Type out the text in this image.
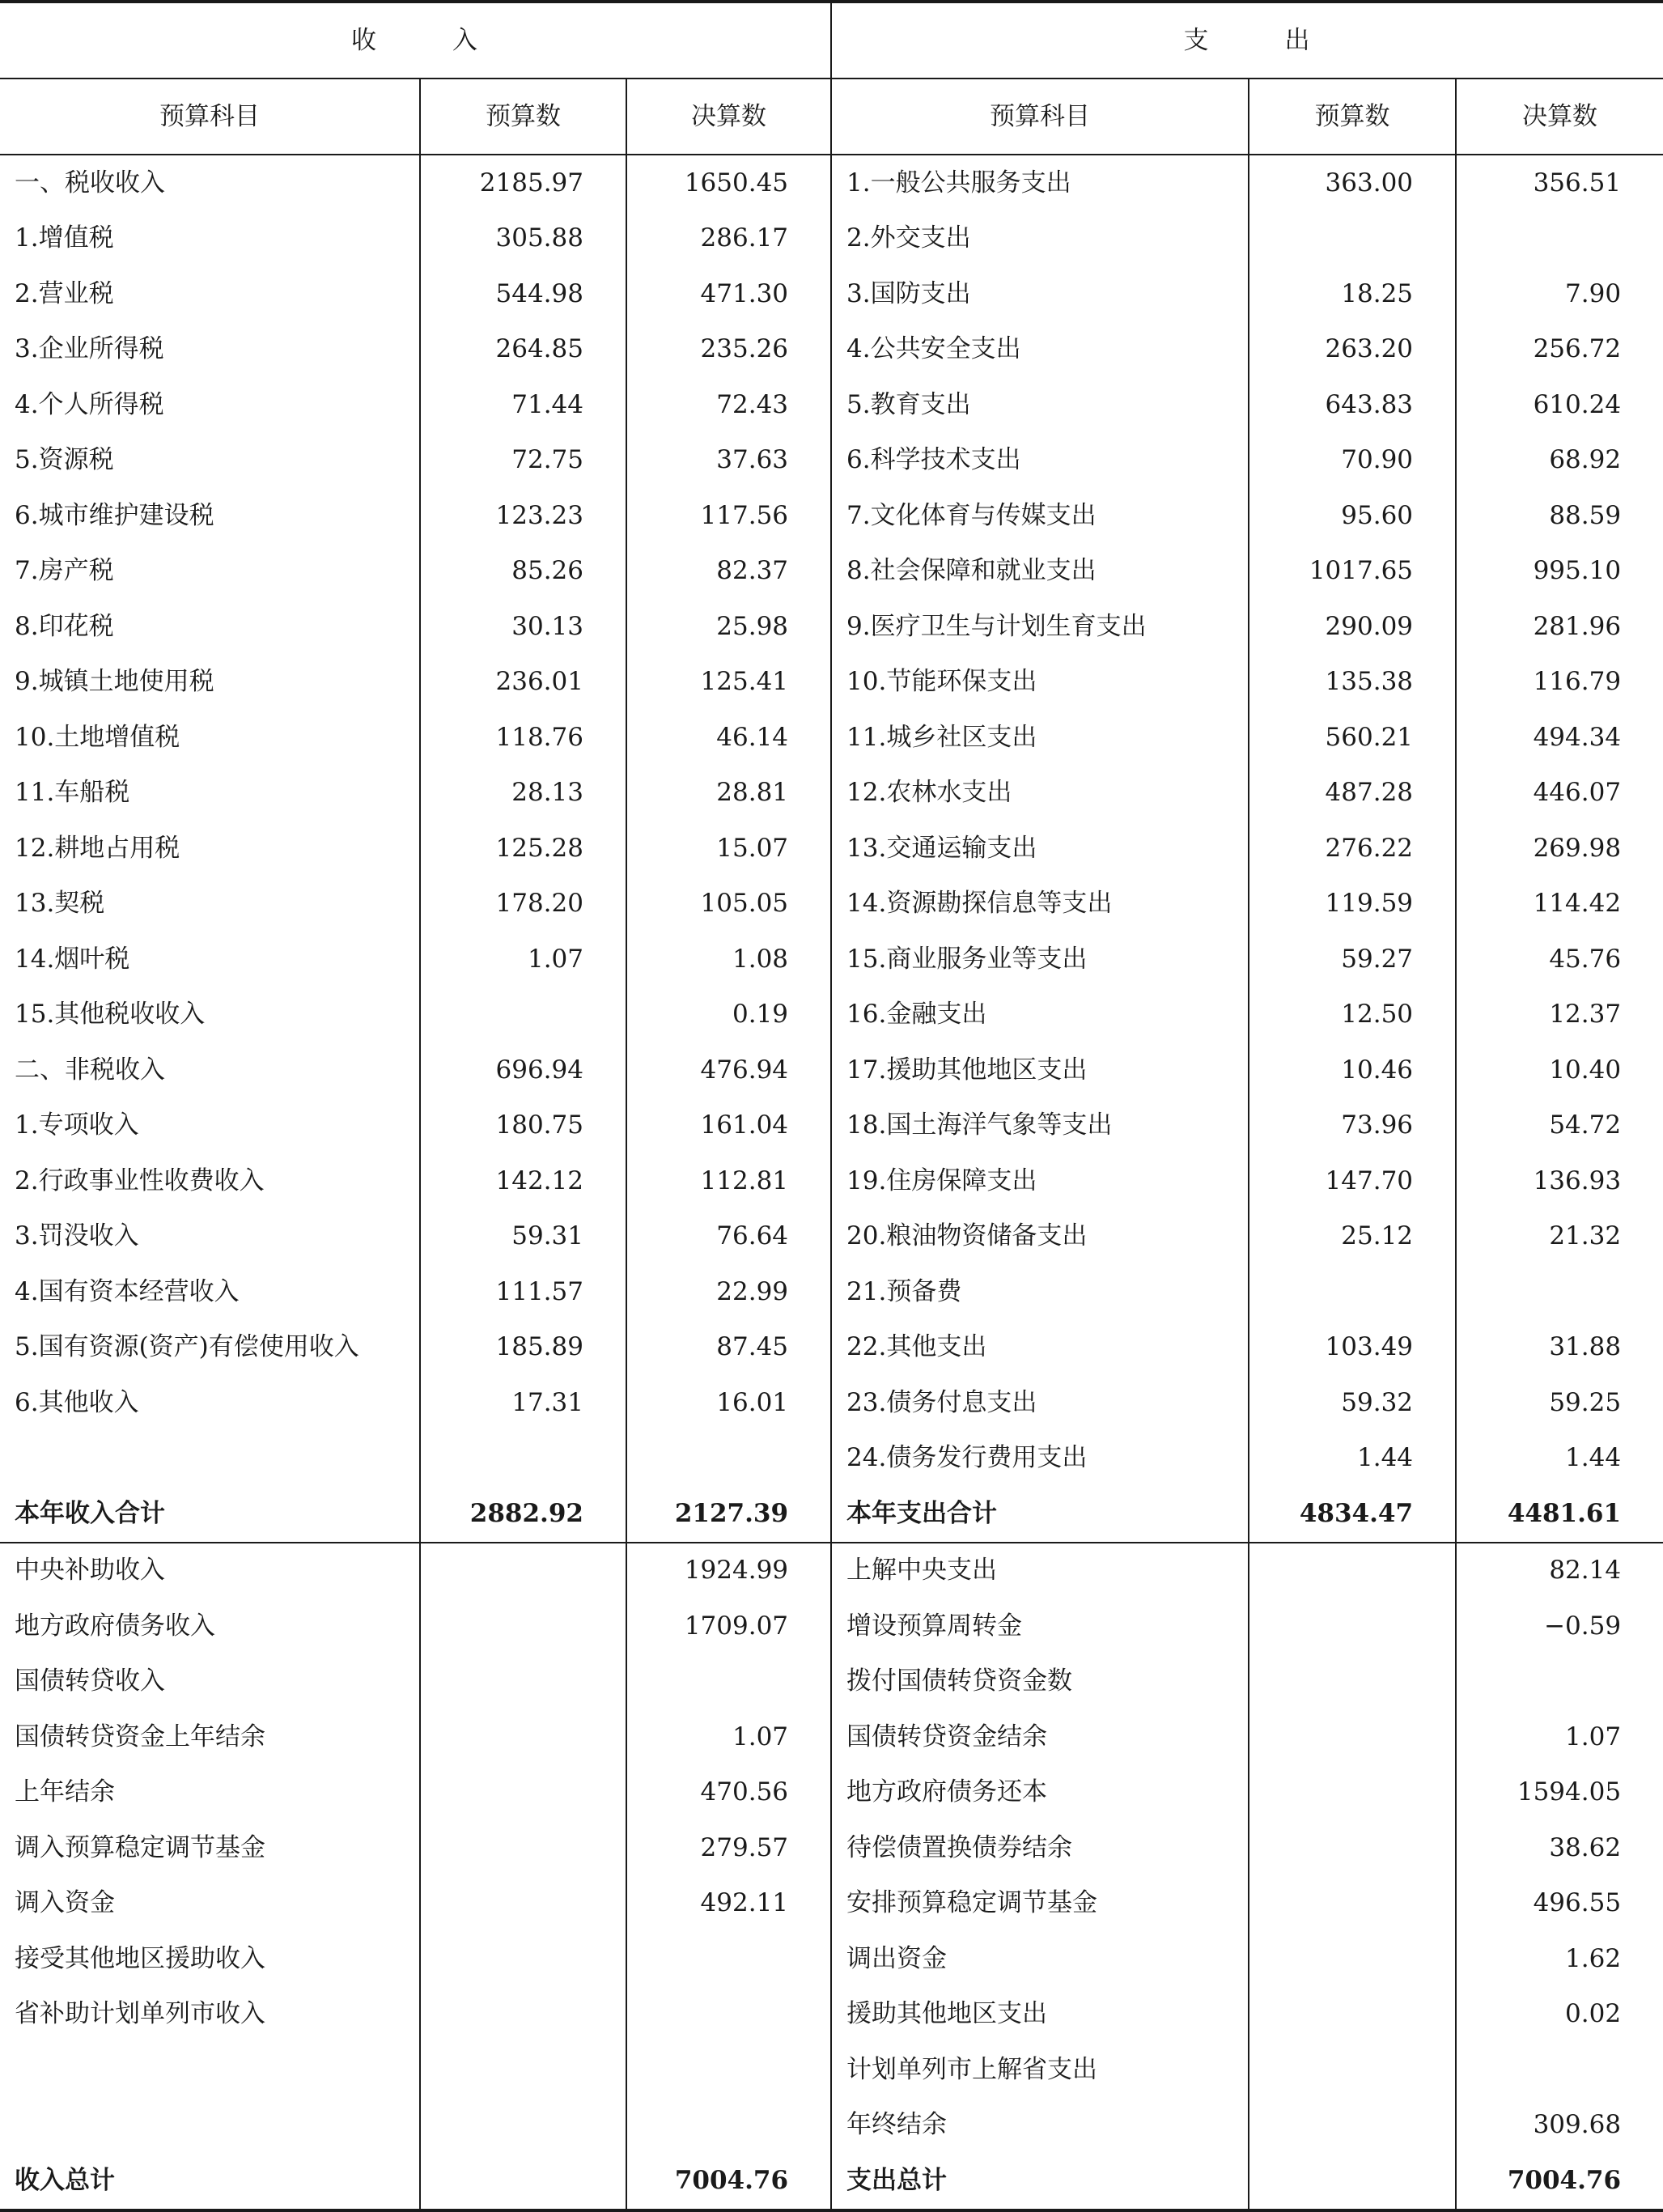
收 入			支 出		
预算科目	预算数	决算数	预算科目	预算数	决算数
一、税收收入	2185.97	1650.45	1.一般公共服务支出	363.00	356.51
1.增值税	305.88	286.17	2.外交支出		
2.营业税	544.98	471.30	3.国防支出	18.25	7.90
3.企业所得税	264.85	235.26	4.公共安全支出	263.20	256.72
4.个人所得税	71.44	72.43	5.教育支出	643.83	610.24
5.资源税	72.75	37.63	6.科学技术支出	70.90	68.92
6.城市维护建设税	123.23	117.56	7.文化体育与传媒支出	95.60	88.59
7.房产税	85.26	82.37	8.社会保障和就业支出	1017.65	995.10
8.印花税	30.13	25.98	9.医疗卫生与计划生育支出	290.09	281.96
9.城镇土地使用税	236.01	125.41	10.节能环保支出	135.38	116.79
10.土地增值税	118.76	46.14	11.城乡社区支出	560.21	494.34
11.车船税	28.13	28.81	12.农林水支出	487.28	446.07
12.耕地占用税	125.28	15.07	13.交通运输支出	276.22	269.98
13.契税	178.20	105.05	14.资源勘探信息等支出	119.59	114.42
14.烟叶税	1.07	1.08	15.商业服务业等支出	59.27	45.76
15.其他税收收入		0.19	16.金融支出	12.50	12.37
二、非税收入	696.94	476.94	17.援助其他地区支出	10.46	10.40
1.专项收入	180.75	161.04	18.国土海洋气象等支出	73.96	54.72
2.行政事业性收费收入	142.12	112.81	19.住房保障支出	147.70	136.93
3.罚没收入	59.31	76.64	20.粮油物资储备支出	25.12	21.32
4.国有资本经营收入	111.57	22.99	21.预备费		
5.国有资源(资产)有偿使用收入	185.89	87.45	22.其他支出	103.49	31.88
6.其他收入	17.31	16.01	23.债务付息支出	59.32	59.25
			24.债务发行费用支出	1.44	1.44
本年收入合计	2882.92	2127.39	本年支出合计	4834.47	4481.61
中央补助收入		1924.99	上解中央支出		82.14
地方政府债务收入		1709.07	增设预算周转金		−0.59
国债转贷收入			拨付国债转贷资金数		
国债转贷资金上年结余		1.07	国债转贷资金结余		1.07
上年结余		470.56	地方政府债务还本		1594.05
调入预算稳定调节基金		279.57	待偿债置换债券结余		38.62
调入资金		492.11	安排预算稳定调节基金		496.55
接受其他地区援助收入			调出资金		1.62
省补助计划单列市收入			援助其他地区支出		0.02
			计划单列市上解省支出		
			年终结余		309.68
收入总计		7004.76	支出总计		7004.76
